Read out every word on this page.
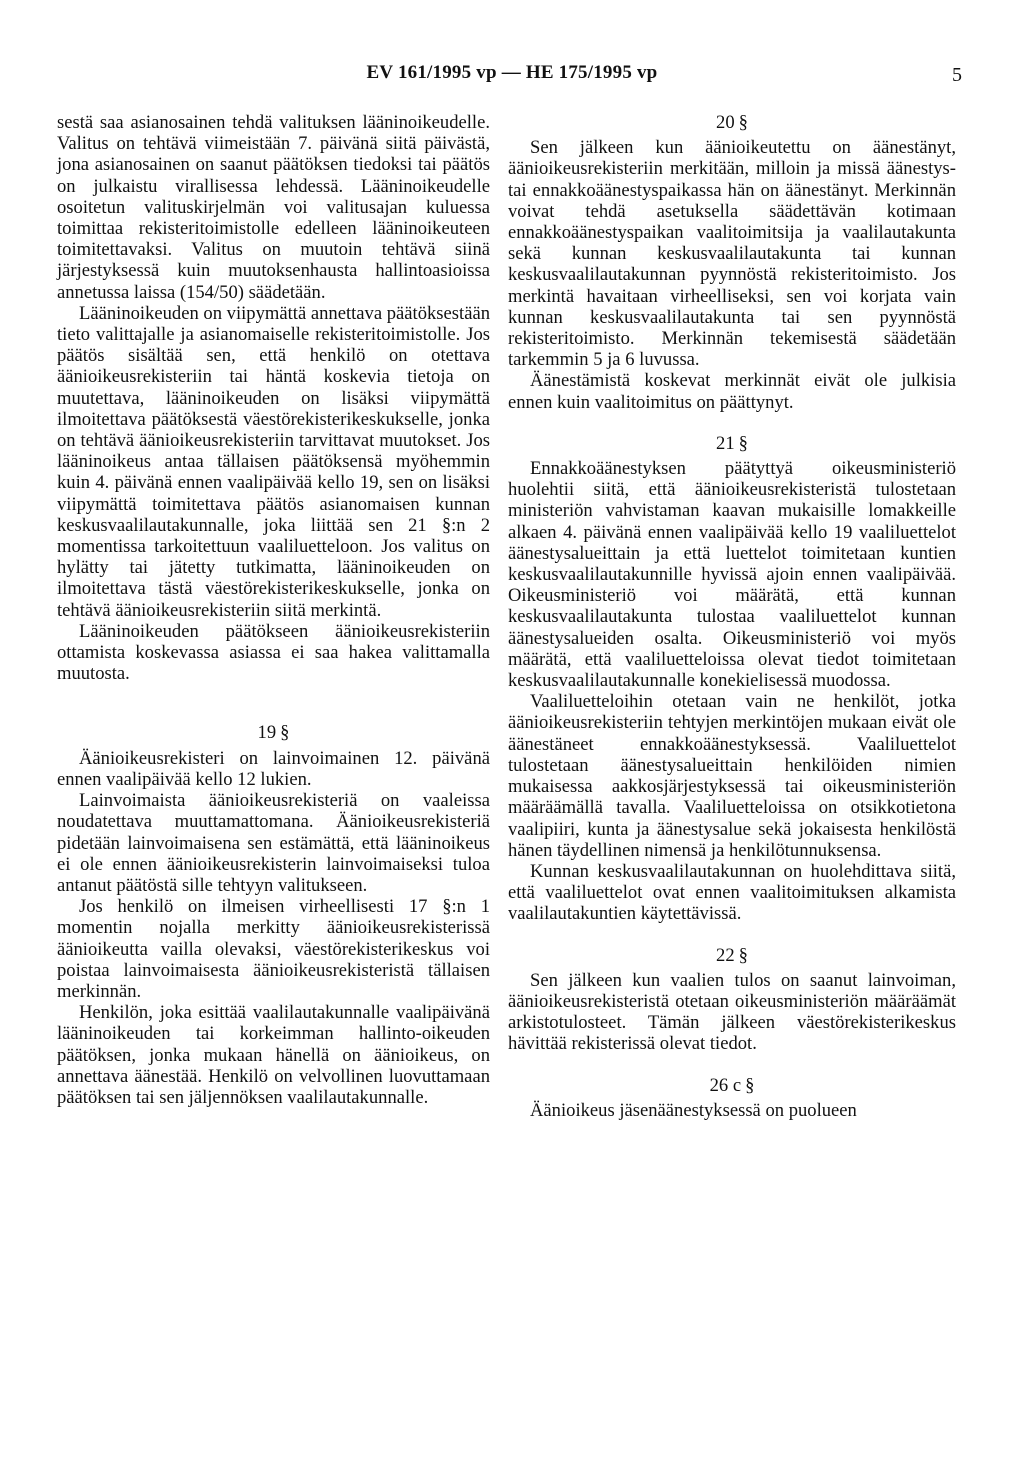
EV 161/1995 vp — HE 175/1995 vp	5

sestä saa asianosainen tehdä valituksen lääninoikeudelle. Valitus on tehtävä viimeistään 7. päivänä siitä päivästä, jona asianosainen on saanut päätöksen tiedoksi tai päätös on julkaistu virallisessa lehdessä. Lääninoikeudelle osoitetun valituskirjelmän voi valitusajan kuluessa toimittaa rekisteritoimistolle edelleen lääninoikeuteen toimitettavaksi. Valitus on muutoin tehtävä siinä järjestyksessä kuin muutoksenhausta hallintoasioissa annetussa laissa (154/50) säädetään.

Lääninoikeuden on viipymättä annettava päätöksestään tieto valittajalle ja asianomaiselle rekisteritoimistolle. Jos päätös sisältää sen, että henkilö on otettava äänioikeusrekisteriin tai häntä koskevia tietoja on muutettava, lääninoikeuden on lisäksi viipymättä ilmoitettava päätöksestä väestörekisterikeskukselle, jonka on tehtävä äänioikeusrekisteriin tarvittavat muutokset. Jos lääninoikeus antaa tällaisen päätöksensä myöhemmin kuin 4. päivänä ennen vaalipäivää kello 19, sen on lisäksi viipymättä toimitettava päätös asianomaisen kunnan keskusvaalilautakunnalle, joka liittää sen 21 §:n 2 momentissa tarkoitettuun vaaliluetteloon. Jos valitus on hylätty tai jätetty tutkimatta, lääninoikeuden on ilmoitettava tästä väestörekisterikeskukselle, jonka on tehtävä äänioikeusrekisteriin siitä merkintä.

Lääninoikeuden päätökseen äänioikeusrekisteriin ottamista koskevassa asiassa ei saa hakea valittamalla muutosta.

19 §

Äänioikeusrekisteri on lainvoimainen 12. päivänä ennen vaalipäivää kello 12 lukien.

Lainvoimaista äänioikeusrekisteriä on vaaleissa noudatettava muuttamattomana. Äänioikeusrekisteriä pidetään lainvoimaisena sen estämättä, että lääninoikeus ei ole ennen äänioikeusrekisterin lainvoimaiseksi tuloa antanut päätöstä sille tehtyyn valitukseen.

Jos henkilö on ilmeisen virheellisesti 17 §:n 1 momentin nojalla merkitty äänioikeusrekisterissä äänioikeutta vailla olevaksi, väestörekisterikeskus voi poistaa lainvoimaisesta äänioikeusrekisteristä tällaisen merkinnän.

Henkilön, joka esittää vaalilautakunnalle vaalipäivänä lääninoikeuden tai korkeimman hallinto-oikeuden päätöksen, jonka mukaan hänellä on äänioikeus, on annettava äänestää. Henkilö on velvollinen luovuttamaan päätöksen tai sen jäljennöksen vaalilautakunnalle.

20 §

Sen jälkeen kun äänioikeutettu on äänestänyt, äänioikeusrekisteriin merkitään, milloin ja missä äänestys- tai ennakkoäänestyspaikassa hän on äänestänyt. Merkinnän voivat tehdä asetuksella säädettävän kotimaan ennakkoäänestyspaikan vaalitoimitsija ja vaalilautakunta sekä kunnan keskusvaalilautakunta tai kunnan keskusvaalilautakunnan pyynnöstä rekisteritoimisto. Jos merkintä havaitaan virheelliseksi, sen voi korjata vain kunnan keskusvaalilautakunta tai sen pyynnöstä rekisteritoimisto. Merkinnän tekemisestä säädetään tarkemmin 5 ja 6 luvussa.

Äänestämistä koskevat merkinnät eivät ole julkisia ennen kuin vaalitoimitus on päättynyt.

21 §

Ennakkoäänestyksen päätyttyä oikeusministeriö huolehtii siitä, että äänioikeusrekisteristä tulostetaan ministeriön vahvistaman kaavan mukaisille lomakkeille alkaen 4. päivänä ennen vaalipäivää kello 19 vaaliluettelot äänestysalueittain ja että luettelot toimitetaan kuntien keskusvaalilautakunnille hyvissä ajoin ennen vaalipäivää. Oikeusministeriö voi määrätä, että kunnan keskusvaalilautakunta tulostaa vaaliluettelot kunnan äänestysalueiden osalta. Oikeusministeriö voi myös määrätä, että vaaliluetteloissa olevat tiedot toimitetaan keskusvaalilautakunnalle konekielisessä muodossa.

Vaaliluetteloihin otetaan vain ne henkilöt, jotka äänioikeusrekisteriin tehtyjen merkintöjen mukaan eivät ole äänestäneet ennakkoäänestyksessä. Vaaliluettelot tulostetaan äänestysalueittain henkilöiden nimien mukaisessa aakkosjärjestyksessä tai oikeusministeriön määräämällä tavalla. Vaaliluetteloissa on otsikkotietona vaalipiiri, kunta ja äänestysalue sekä jokaisesta henkilöstä hänen täydellinen nimensä ja henkilötunnuksensa.

Kunnan keskusvaalilautakunnan on huolehdittava siitä, että vaaliluettelot ovat ennen vaalitoimituksen alkamista vaalilautakuntien käytettävissä.

22 §

Sen jälkeen kun vaalien tulos on saanut lainvoiman, äänioikeusrekisteristä otetaan oikeusministeriön määräämät arkistotulosteet. Tämän jälkeen väestörekisterikeskus hävittää rekisterissä olevat tiedot.

26 c §

Äänioikeus jäsenäänestyksessä on puolueen
